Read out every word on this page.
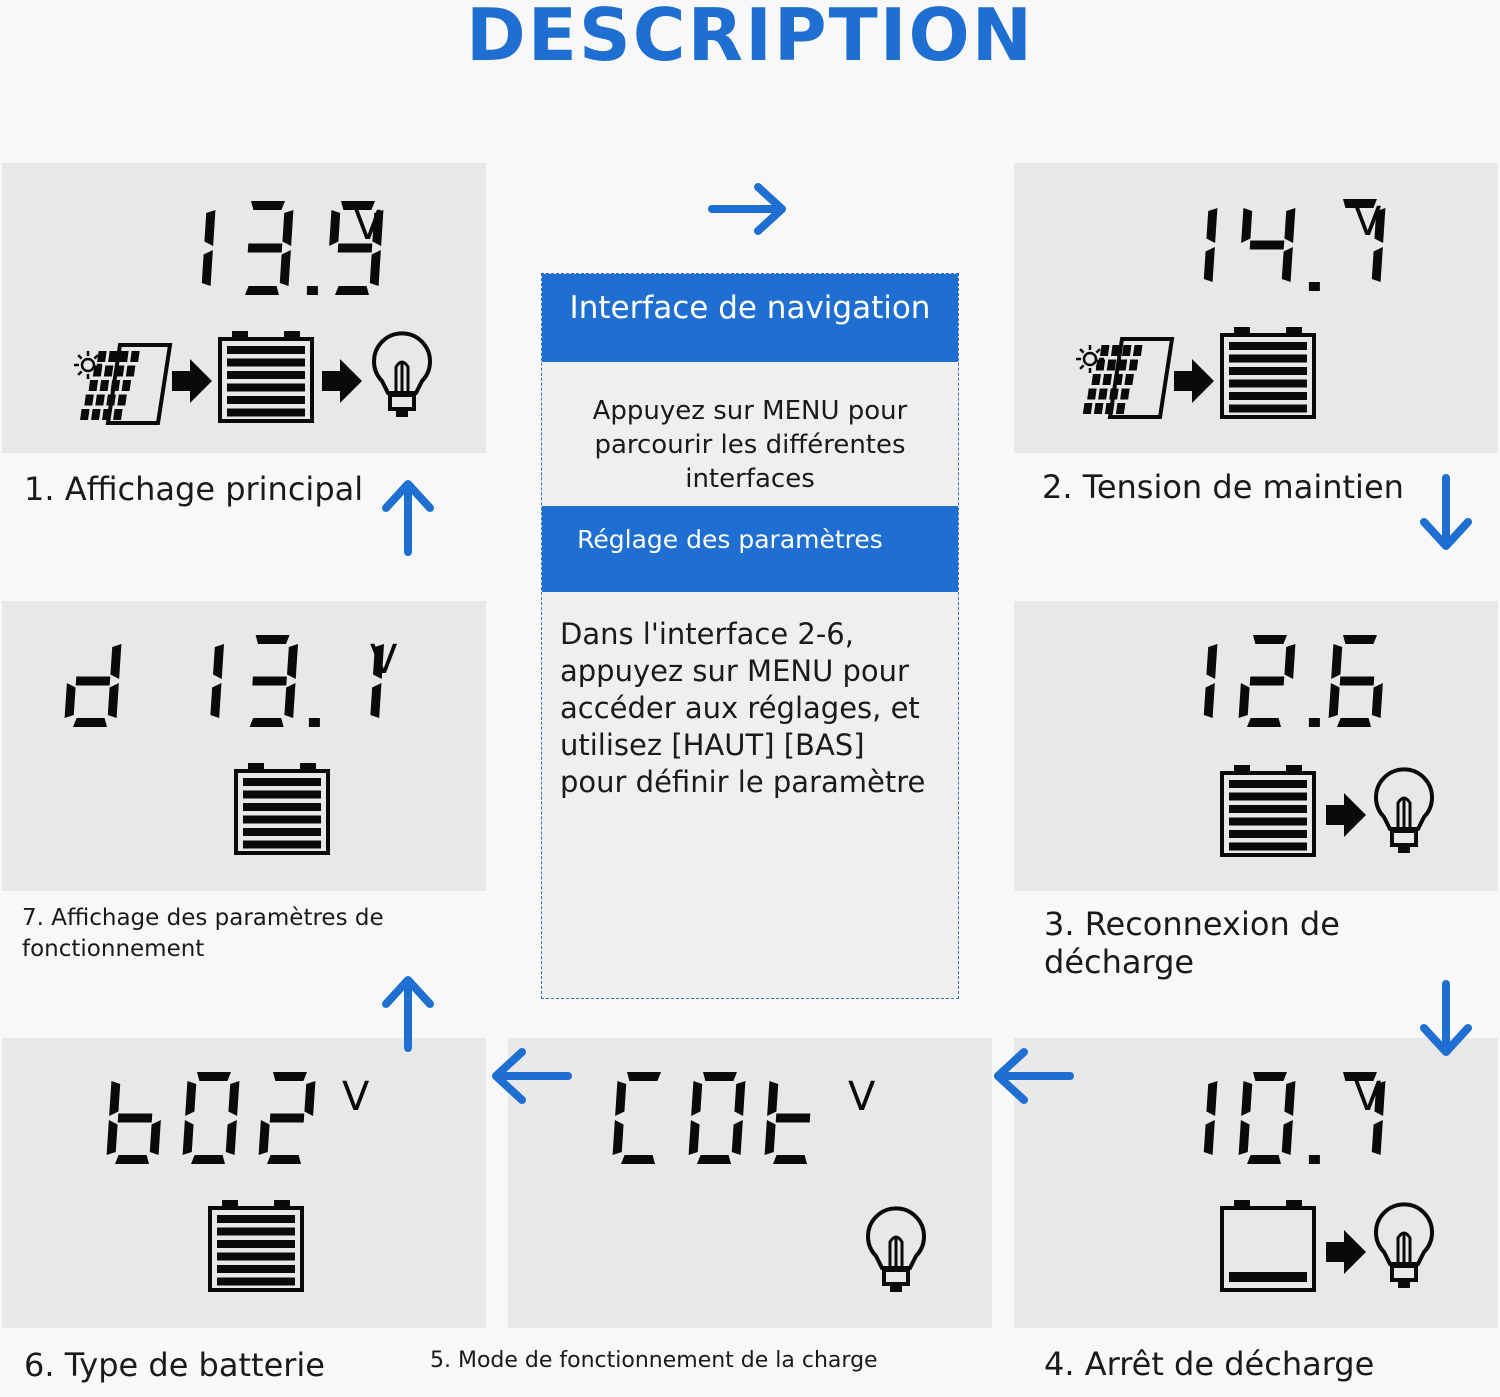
DESCRIPTION
V	V
V
V	V	V
1. Affichage principal	2. Tension de maintien
3. Reconnexion de décharge
4. Arrêt de décharge
5. Mode de fonctionnement de la charge
6. Type de batterie
7. Affichage des paramètres de
fonctionnement
Interface de navigation
Appuyez sur MENU pour
parcourir les différentes
interfaces
Réglage des paramètres
Dans l'interface 2-6,
appuyez sur MENU pour
accéder aux réglages, et
utilisez [HAUT] [BAS]
pour définir le paramètre
